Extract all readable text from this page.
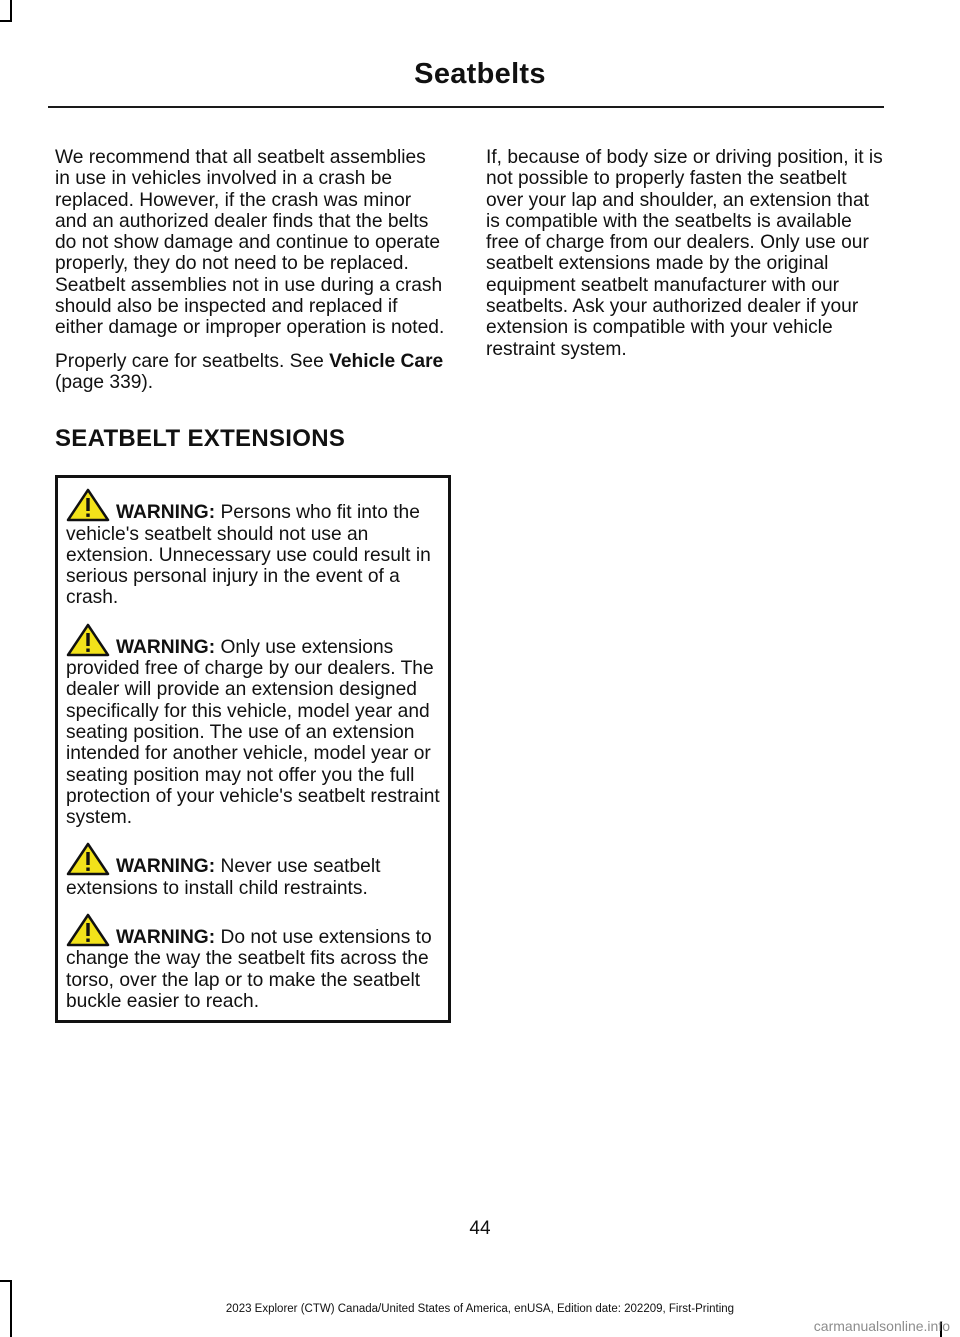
Seatbelts

We recommend that all seatbelt assemblies in use in vehicles involved in a crash be replaced. However, if the crash was minor and an authorized dealer finds that the belts do not show damage and continue to operate properly, they do not need to be replaced. Seatbelt assemblies not in use during a crash should also be inspected and replaced if either damage or improper operation is noted.

Properly care for seatbelts. See Vehicle Care (page 339).

SEATBELT EXTENSIONS
WARNING: Persons who fit into the vehicle's seatbelt should not use an extension. Unnecessary use could result in serious personal injury in the event of a crash.
WARNING: Only use extensions provided free of charge by our dealers. The dealer will provide an extension designed specifically for this vehicle, model year and seating position. The use of an extension intended for another vehicle, model year or seating position may not offer you the full protection of your vehicle's seatbelt restraint system.
WARNING: Never use seatbelt extensions to install child restraints.
WARNING: Do not use extensions to change the way the seatbelt fits across the torso, over the lap or to make the seatbelt buckle easier to reach.

If, because of body size or driving position, it is not possible to properly fasten the seatbelt over your lap and shoulder, an extension that is compatible with the seatbelts is available free of charge from our dealers. Only use our seatbelt extensions made by the original equipment seatbelt manufacturer with our seatbelts. Ask your authorized dealer if your extension is compatible with your vehicle restraint system.

44
2023 Explorer (CTW) Canada/United States of America, enUSA, Edition date: 202209, First-Printing
carmanualsonline.info
